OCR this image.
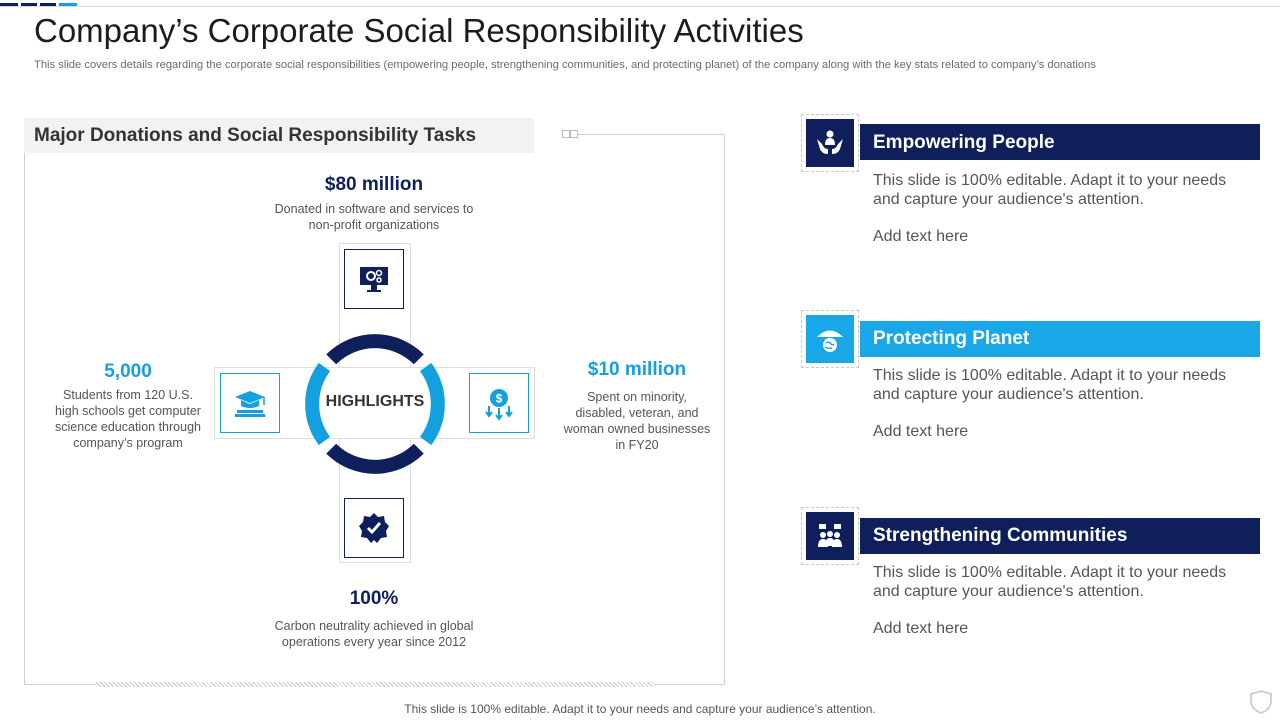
Company’s Corporate Social Responsibility Activities
This slide covers details regarding the corporate social responsibilities (empowering people, strengthening communities, and protecting planet) of the company along with the key stats related to company’s donations
Major Donations and Social Responsibility Tasks
$
HIGHLIGHTS
$80 million
Donated in software and services to
non-profit organizations
$10 million
Spent on minority,
disabled, veteran, and
woman owned businesses
in FY20
100%
Carbon neutrality achieved in global
operations every year since 2012
5,000
Students from 120 U.S.
high schools get computer
science education through
company’s program
Empowering People
This slide is 100% editable. Adapt it to your needs
and capture your audience's attention.
Add text here
Protecting Planet
This slide is 100% editable. Adapt it to your needs
and capture your audience's attention.
Add text here
Strengthening Communities
This slide is 100% editable. Adapt it to your needs
and capture your audience's attention.
Add text here
This slide is 100% editable. Adapt it to your needs and capture your audience’s attention.
